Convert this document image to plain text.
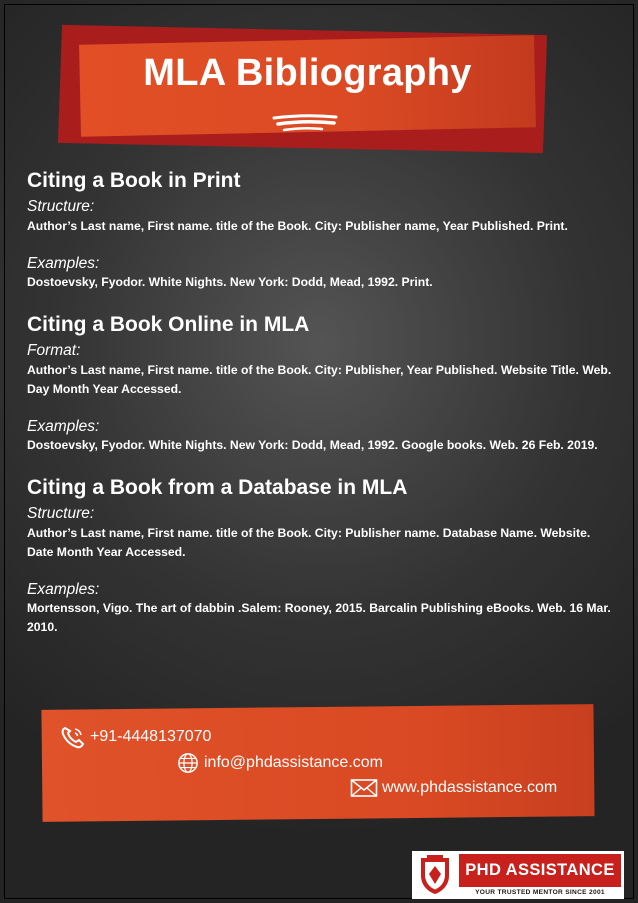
MLA Bibliography
Citing a Book in Print
Structure:
Author’s Last name, First name. title of the Book. City: Publisher name, Year Published. Print.
Examples:
Dostoevsky, Fyodor. White Nights. New York: Dodd, Mead, 1992. Print.
Citing a Book Online in MLA
Format:
Author’s Last name, First name. title of the Book. City: Publisher, Year Published. Website Title. Web. Day Month Year Accessed.
Examples:
Dostoevsky, Fyodor. White Nights. New York: Dodd, Mead, 1992. Google books. Web. 26 Feb. 2019.
Citing a Book from a Database in MLA
Structure:
Author’s Last name, First name. title of the Book. City: Publisher name. Database Name. Website. Date Month Year Accessed.
Examples:
Mortensson, Vigo. The art of dabbin .Salem: Rooney, 2015. Barcalin Publishing eBooks. Web. 16 Mar. 2010.
+91-4448137070
info@phdassistance.com
www.phdassistance.com
PHD ASSISTANCE
YOUR TRUSTED MENTOR SINCE 2001
